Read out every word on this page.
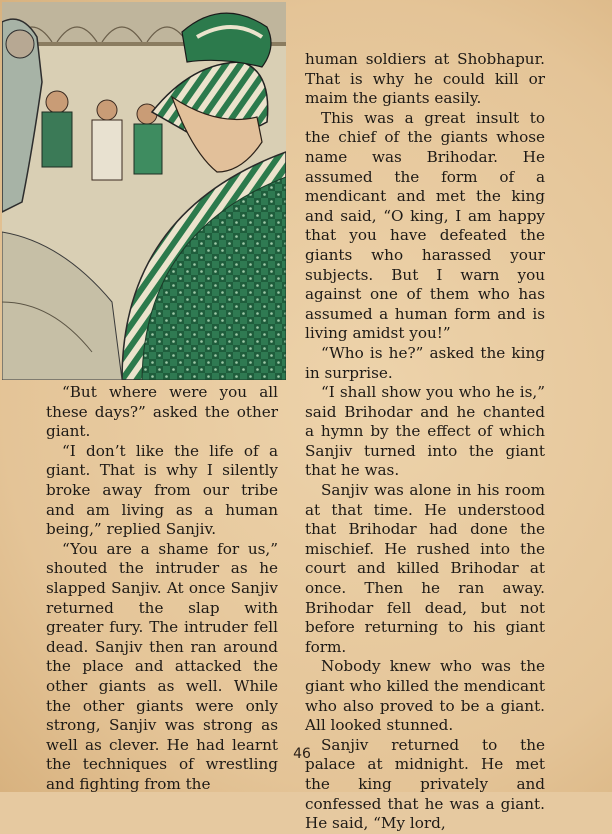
human soldiers at Shobhapur. That is why he could kill or maim the giants easily.

This was a great insult to the chief of the giants whose name was Brihodar. He assumed the form of a mendicant and met the king and said, “O king, I am happy that you have defeated the giants who harassed your subjects. But I warn you against one of them who has assumed a human form and is living amidst you!”

“Who is he?” asked the king in surprise.

“I shall show you who he is,” said Brihodar and he chanted a hymn by the effect of which Sanjiv turned into the giant that he was.

Sanjiv was alone in his room at that time. He understood that Brihodar had done the mischief. He rushed into the court and killed Brihodar at once. Then he ran away. Brihodar fell dead, but not before returning to his giant form.

Nobody knew who was the giant who killed the mendicant who also proved to be a giant. All looked stunned.

Sanjiv returned to the palace at midnight. He met the king privately and confessed that he was a giant. He said, “My lord,

“But where were you all these days?” asked the other giant.

“I don’t like the life of a giant. That is why I silently broke away from our tribe and am living as a human being,” replied Sanjiv.

“You are a shame for us,” shouted the intruder as he slapped Sanjiv. At once Sanjiv returned the slap with greater fury. The intruder fell dead. Sanjiv then ran around the place and attacked the other giants as well. While the other giants were only strong, Sanjiv was strong as well as clever. He had learnt the techniques of wrestling and fighting from the

46
